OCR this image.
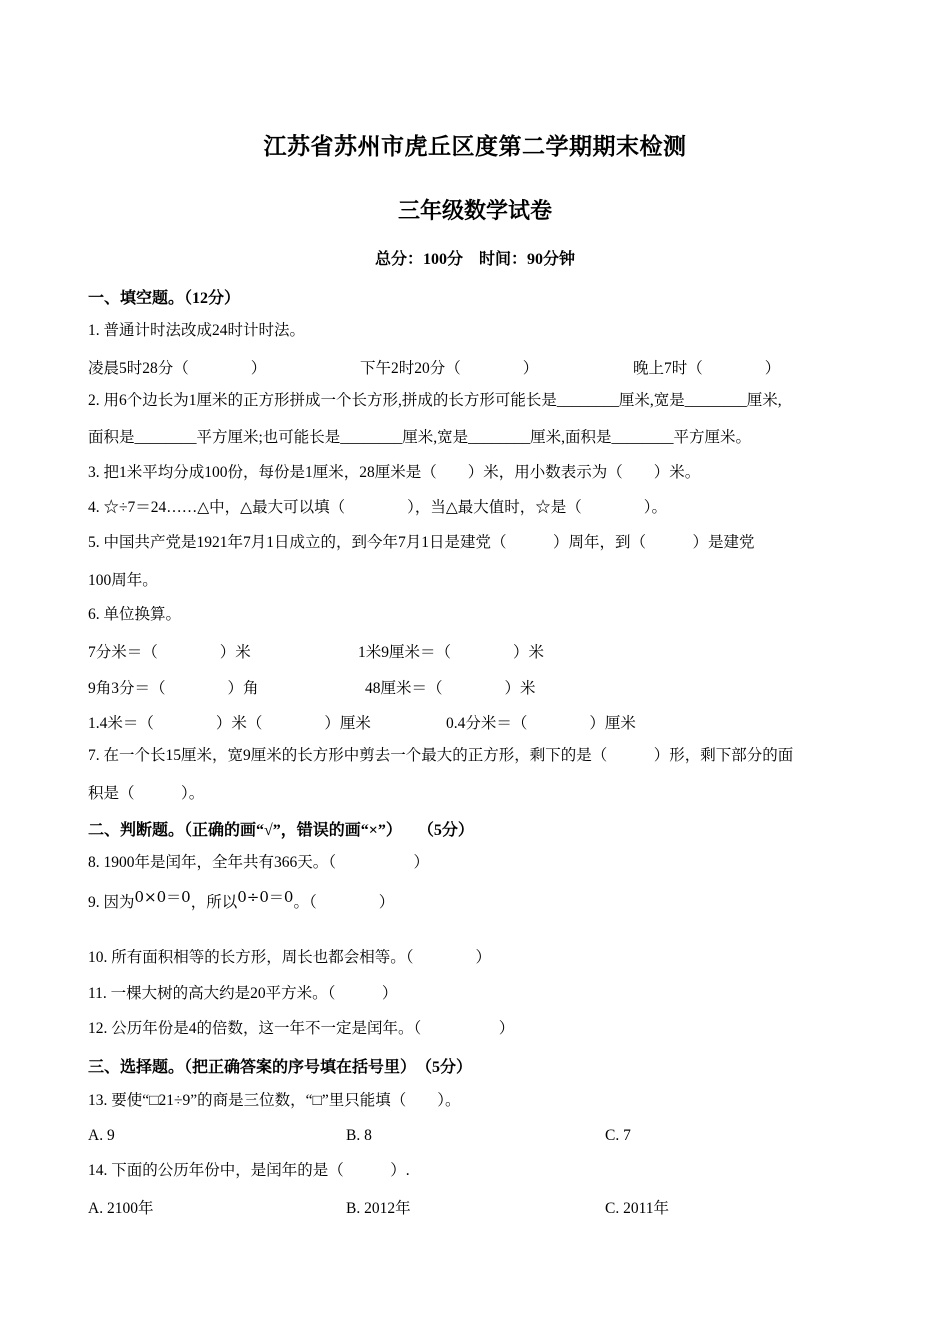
江苏省苏州市虎丘区度第二学期期末检测
三年级数学试卷
总分：100分　时间：90分钟
一、填空题。（12分）
1. 普通计时法改成24时计时法。
凌晨5时28分（　　　　）	下午2时20分（　　　　）	晚上7时（　　　　）
2. 用6个边长为1厘米的正方形拼成一个长方形,拼成的长方形可能长是________厘米,宽是________厘米,
面积是________平方厘米;也可能长是________厘米,宽是________厘米,面积是________平方厘米。
3. 把1米平均分成100份，每份是1厘米，28厘米是（　　）米，用小数表示为（　　）米。
4. ☆÷7＝24……△中，△最大可以填（　　　　），当△最大值时，☆是（　　　　）。
5. 中国共产党是1921年7月1日成立的，到今年7月1日是建党（　　　）周年，到（　　　）是建党
100周年。
6. 单位换算。
7分米＝（　　　　）米	1米9厘米＝（　　　　）米
9角3分＝（　　　　）角	48厘米＝（　　　　）米
1.4米＝（　　　　）米（　　　　）厘米	0.4分米＝（　　　　）厘米
7. 在一个长15厘米，宽9厘米的长方形中剪去一个最大的正方形，剩下的是（　　　）形，剩下部分的面
积是（　　　）。
二、判断题。（正确的画“√”，错误的画“×”）　　（5分）
8. 1900年是闰年，全年共有366天。（　　　　　）
9. 因为0×0＝0，所以0÷0＝0。（　　　　）
10. 所有面积相等的长方形，周长也都会相等。（　　　　）
11. 一棵大树的高大约是20平方米。（　　　）
12. 公历年份是4的倍数，这一年不一定是闰年。（　　　　　）
三、选择题。（把正确答案的序号填在括号里）　（5分）
13. 要使“□21÷9”的商是三位数，“□”里只能填（　　）。
A. 9	B. 8	C. 7
14. 下面的公历年份中，是闰年的是（　　　）.
A. 2100年	B. 2012年	C. 2011年
